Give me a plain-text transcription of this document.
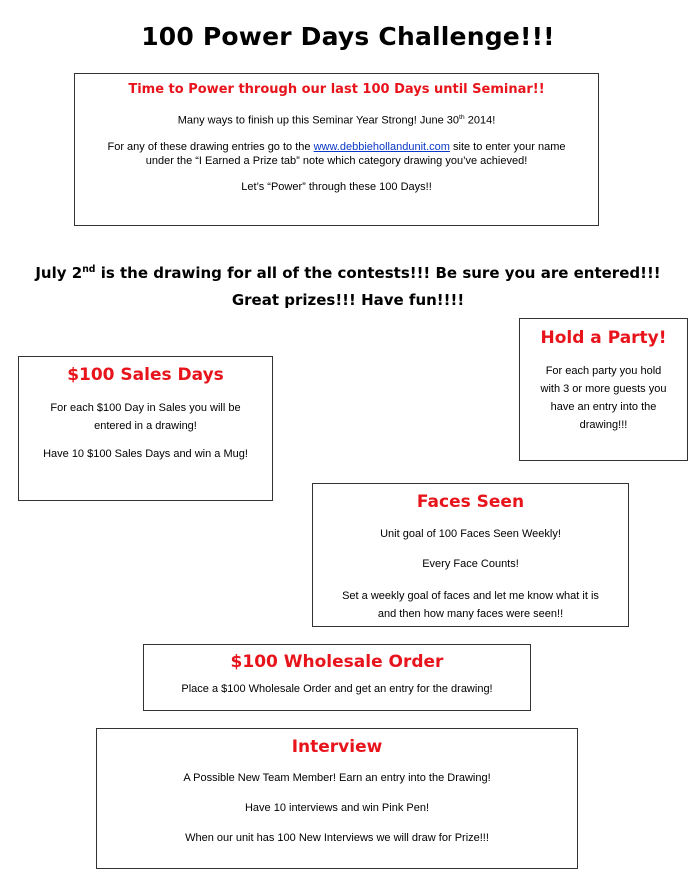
100 Power Days Challenge!!!
Time to Power through our last 100 Days until Seminar!!

Many ways to finish up this Seminar Year Strong! June 30th 2014!

For any of these drawing entries go to the www.debbiehollandunit.com site to enter your name

under the “I Earned a Prize tab” note which category drawing you’ve achieved!

Let’s “Power” through these 100 Days!!

July 2nd is the drawing for all of the contests!!! Be sure you are entered!!!
Great prizes!!! Have fun!!!!
Hold a Party!

For each party you hold

with 3 or more guests you

have an entry into the

drawing!!!

$100 Sales Days

For each $100 Day in Sales you will be

entered in a drawing!

Have 10 $100 Sales Days and win a Mug!

Faces Seen

Unit goal of 100 Faces Seen Weekly!

Every Face Counts!

Set a weekly goal of faces and let me know what it is

and then how many faces were seen!!

$100 Wholesale Order

Place a $100 Wholesale Order and get an entry for the drawing!

Interview

A Possible New Team Member! Earn an entry into the Drawing!

Have 10 interviews and win Pink Pen!

When our unit has 100 New Interviews we will draw for Prize!!!
